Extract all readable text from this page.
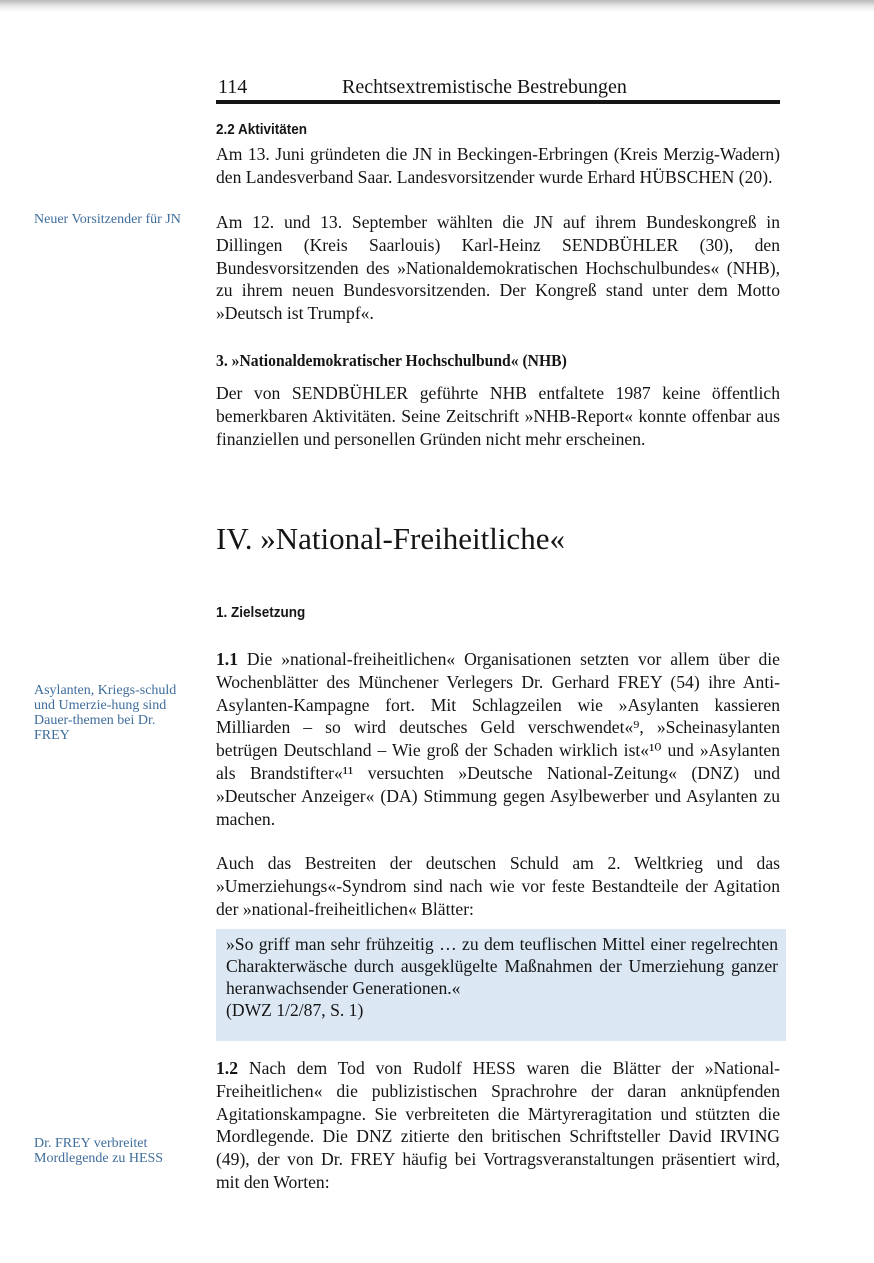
114	Rechtsextremistische Bestrebungen
Neuer Vorsitzender für JN
Asylanten, Kriegs-schuld und Umerzie-hung sind Dauer-themen bei Dr. FREY
Dr. FREY verbreitet Mordlegende zu HESS
2.2 Aktivitäten

Am 13. Juni gründeten die JN in Beckingen-Erbringen (Kreis Merzig-Wadern) den Landesverband Saar. Landesvorsitzender wurde Erhard HÜBSCHEN (20).

Am 12. und 13. September wählten die JN auf ihrem Bundeskongreß in Dillingen (Kreis Saarlouis) Karl-Heinz SENDBÜHLER (30), den Bundesvorsitzenden des »Nationaldemokratischen Hochschulbundes« (NHB), zu ihrem neuen Bundesvorsitzenden. Der Kongreß stand unter dem Motto »Deutsch ist Trumpf«.

3. »Nationaldemokratischer Hochschulbund« (NHB)

Der von SENDBÜHLER geführte NHB entfaltete 1987 keine öffentlich bemerkbaren Aktivitäten. Seine Zeitschrift »NHB-Report« konnte offenbar aus finanziellen und personellen Gründen nicht mehr erscheinen.

IV. »National-Freiheitliche«
1. Zielsetzung

1.1 Die »national-freiheitlichen« Organisationen setzten vor allem über die Wochenblätter des Münchener Verlegers Dr. Gerhard FREY (54) ihre Anti-Asylanten-Kampagne fort. Mit Schlagzeilen wie »Asylanten kassieren Milliarden – so wird deutsches Geld verschwendet«⁹, »Scheinasylanten betrügen Deutschland – Wie groß der Schaden wirklich ist«¹⁰ und »Asylanten als Brandstifter«¹¹ versuchten »Deutsche National-Zeitung« (DNZ) und »Deutscher Anzeiger« (DA) Stimmung gegen Asylbewerber und Asylanten zu machen.

Auch das Bestreiten der deutschen Schuld am 2. Weltkrieg und das »Umerziehungs«-Syndrom sind nach wie vor feste Bestandteile der Agitation der »national-freiheitlichen« Blätter:

»So griff man sehr frühzeitig … zu dem teuflischen Mittel einer regelrechten Charakterwäsche durch ausgeklügelte Maßnahmen der Umerziehung ganzer heranwachsender Generationen.«
(DWZ 1/2/87, S. 1)

1.2 Nach dem Tod von Rudolf HESS waren die Blätter der »National-Freiheitlichen« die publizistischen Sprachrohre der daran anknüpfenden Agitationskampagne. Sie verbreiteten die Märtyreragitation und stützten die Mordlegende. Die DNZ zitierte den britischen Schriftsteller David IRVING (49), der von Dr. FREY häufig bei Vortragsveranstaltungen präsentiert wird, mit den Worten:
